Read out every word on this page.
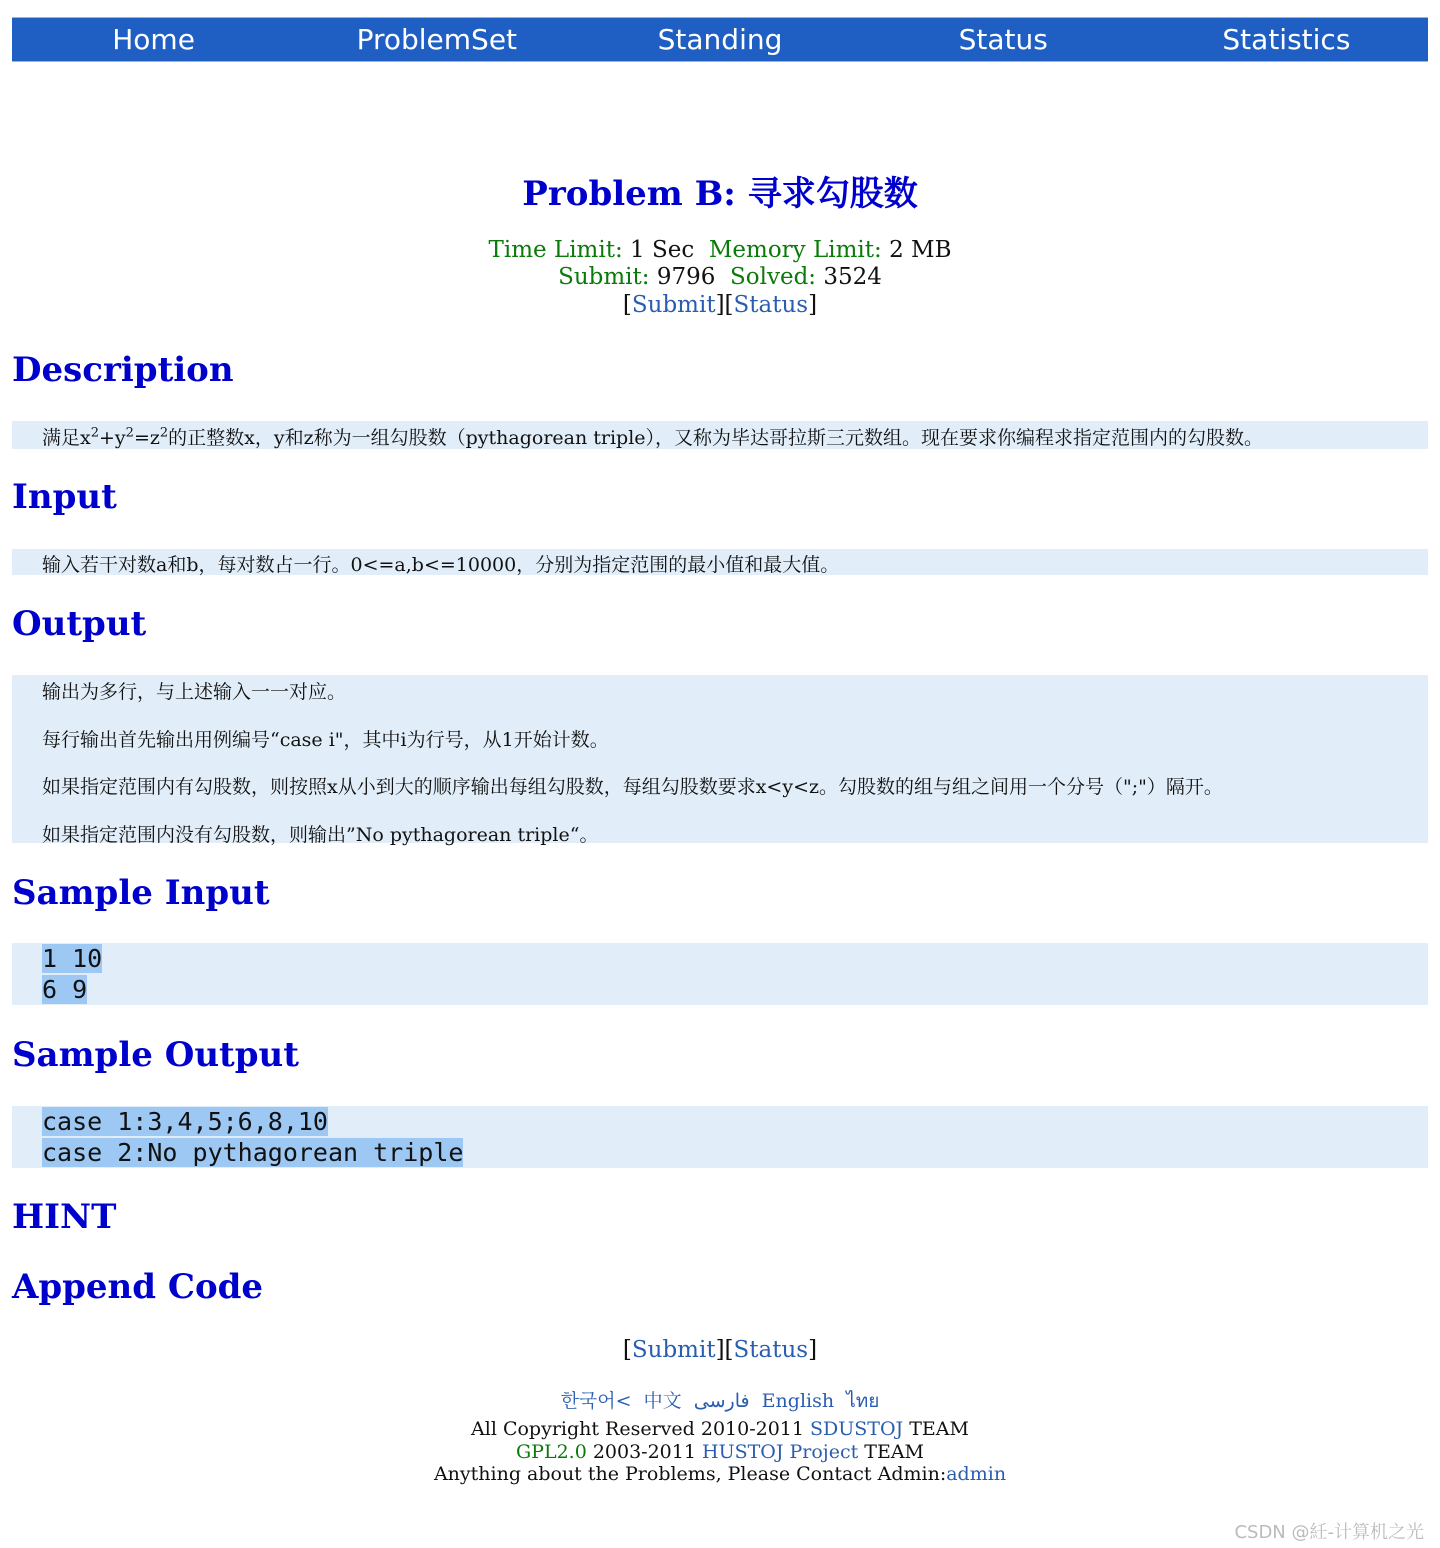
Home	ProblemSet	Standing	Status	Statistics
Problem B: 寻求勾股数
Time Limit: 1 Sec Memory Limit: 2 MB
Submit: 9796 Solved: 3524
[Submit][Status]
Description

满足$x^2+y^2=z^2$的正整数x，y和z称为一组勾股数（pythagorean triple），又称为毕达哥拉斯三元数组。现在要求你编程求指定范围内的勾股数。

Input

输入若干对数a和b，每对数占一行。0<=a,b<=10000，分别为指定范围的最小值和最大值。

Output

输出为多行，与上述输入一一对应。

每行输出首先输出用例编号“case i"，其中i为行号，从1开始计数。

如果指定范围内有勾股数，则按照x从小到大的顺序输出每组勾股数，每组勾股数要求x<y<z。勾股数的组与组之间用一个分号（";"）隔开。

如果指定范围内没有勾股数，则输出”No pythagorean triple“。

Sample Input
1 10
6 9
Sample Output
case 1:3,4,5;6,8,10
case 2:No pythagorean triple
HINT
Append Code
[Submit][Status]
한국어< 中文 فارسی English ไทย
All Copyright Reserved 2010-2011 SDUSTOJ TEAM
GPL2.0 2003-2011 HUSTOJ Project TEAM
Anything about the Problems, Please Contact Admin:admin
CSDN @紝-计算机之光
